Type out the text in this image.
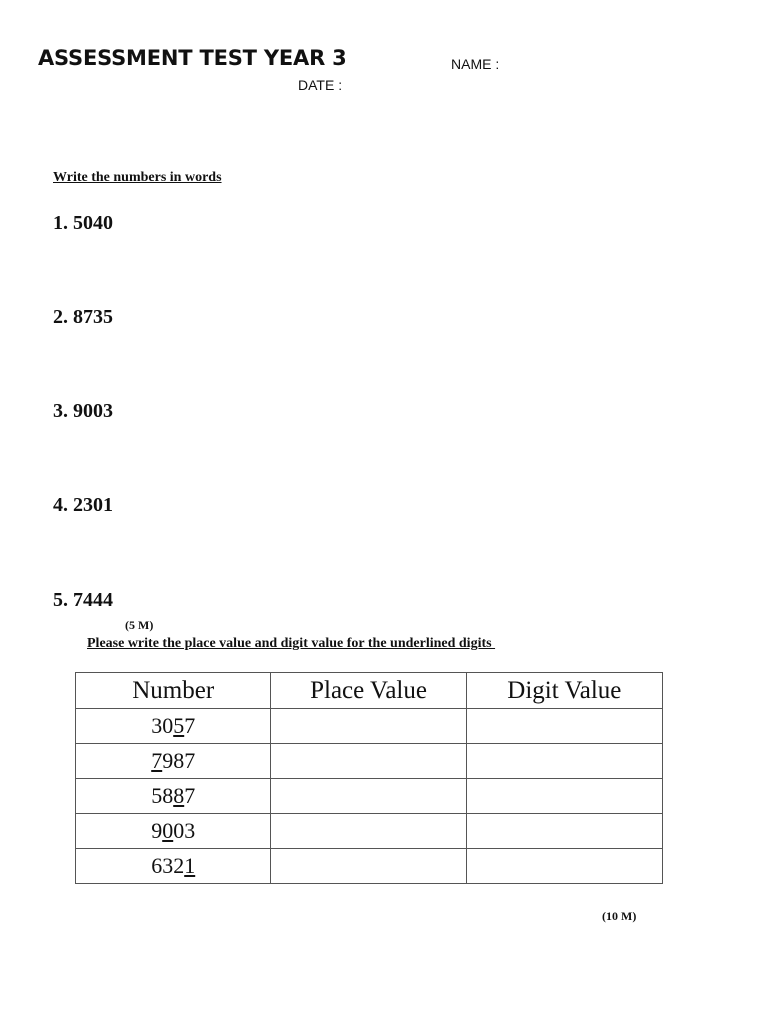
ASSESSMENT TEST YEAR 3	NAME :
DATE :
Write the numbers in words
1. 5040
2. 8735
3. 9003
4. 2301
5. 7444
(5 M)
Please write the place value and digit value for the underlined digits
Number	Place Value	Digit Value
3057		
7987		
5887		
9003		
6321		
(10 M)
